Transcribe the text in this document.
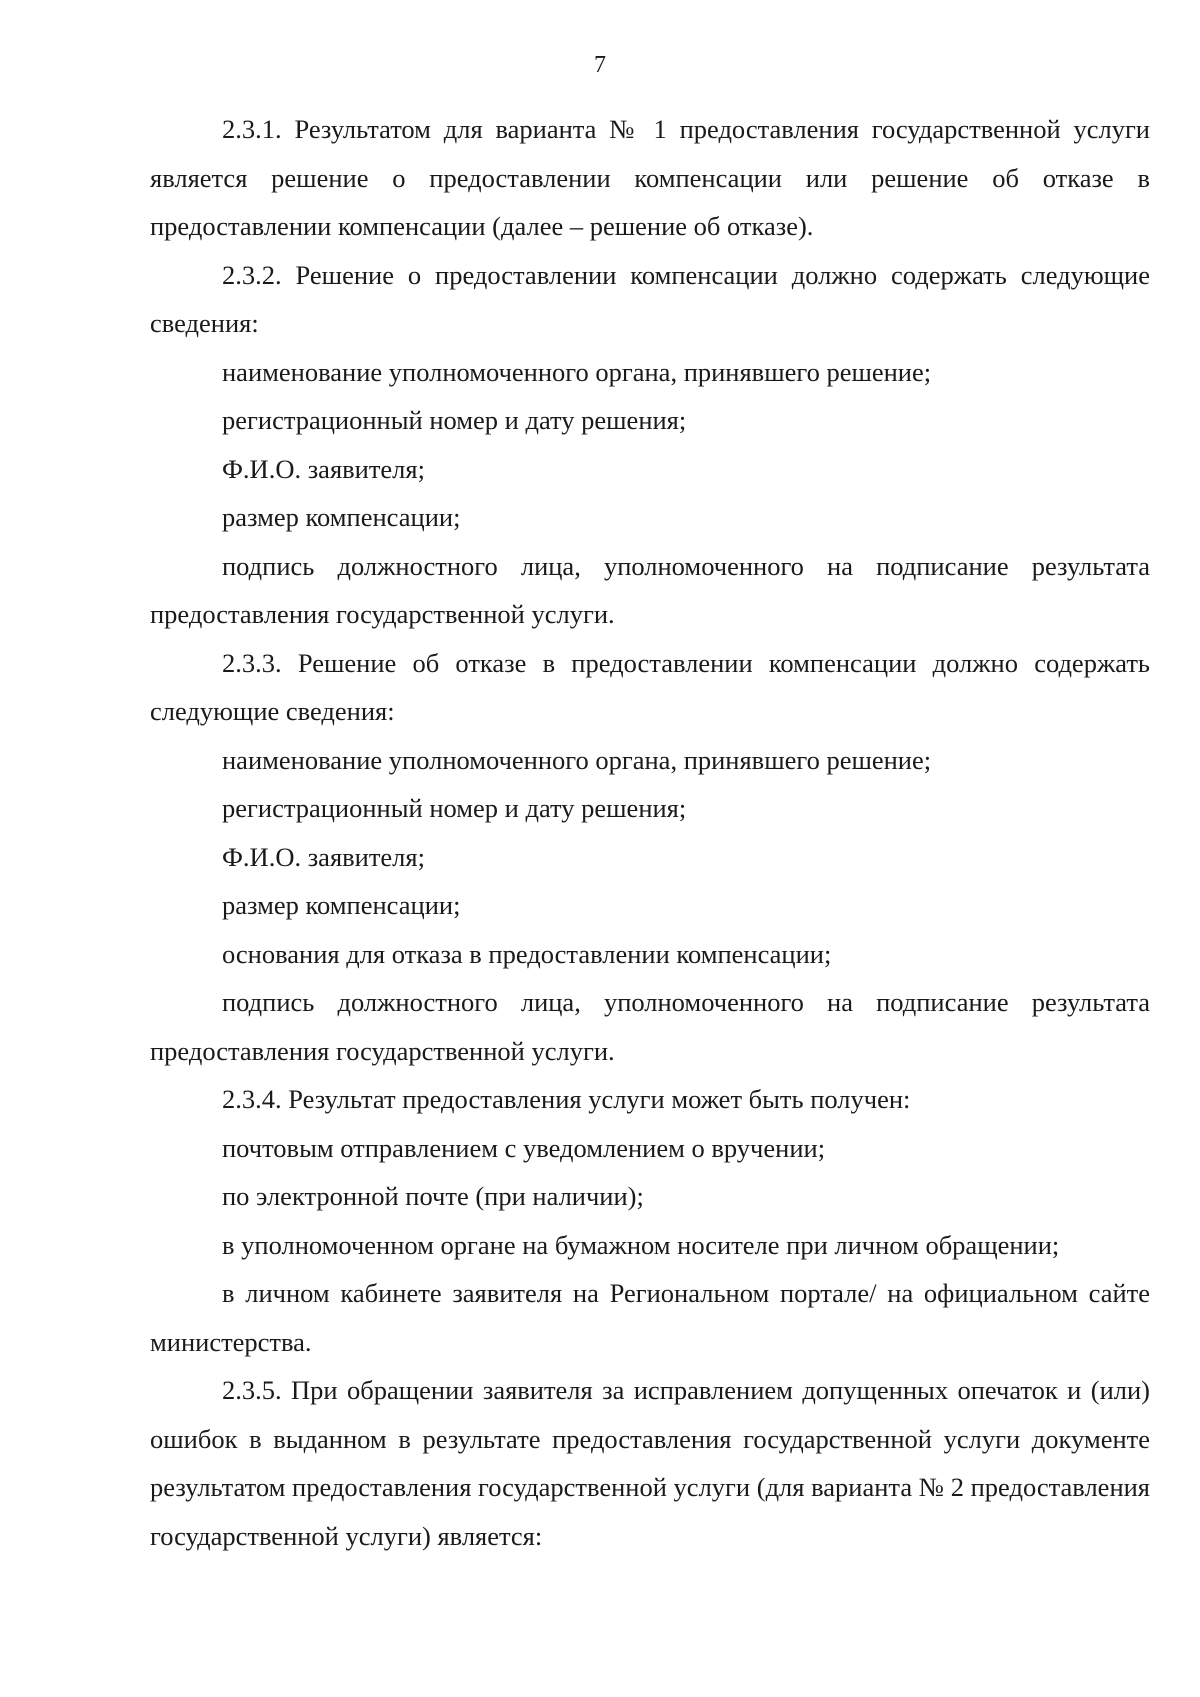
7

2.3.1. Результатом для варианта № 1 предоставления государственной услуги является решение о предоставлении компенсации или решение об отказе в предоставлении компенсации (далее – решение об отказе).

2.3.2. Решение о предоставлении компенсации должно содержать следующие сведения:

наименование уполномоченного органа, принявшего решение;

регистрационный номер и дату решения;

Ф.И.О. заявителя;

размер компенсации;

подпись должностного лица, уполномоченного на подписание результата предоставления государственной услуги.

2.3.3. Решение об отказе в предоставлении компенсации должно содержать следующие сведения:

наименование уполномоченного органа, принявшего решение;

регистрационный номер и дату решения;

Ф.И.О. заявителя;

размер компенсации;

основания для отказа в предоставлении компенсации;

подпись должностного лица, уполномоченного на подписание результата предоставления государственной услуги.

2.3.4. Результат предоставления услуги может быть получен:

почтовым отправлением с уведомлением о вручении;

по электронной почте (при наличии);

в уполномоченном органе на бумажном носителе при личном обращении;

в личном кабинете заявителя на Региональном портале/ на официальном сайте министерства.

2.3.5. При обращении заявителя за исправлением допущенных опечаток и (или) ошибок в выданном в результате предоставления государственной услуги документе результатом предоставления государственной услуги (для варианта № 2 предоставления государственной услуги) является:
